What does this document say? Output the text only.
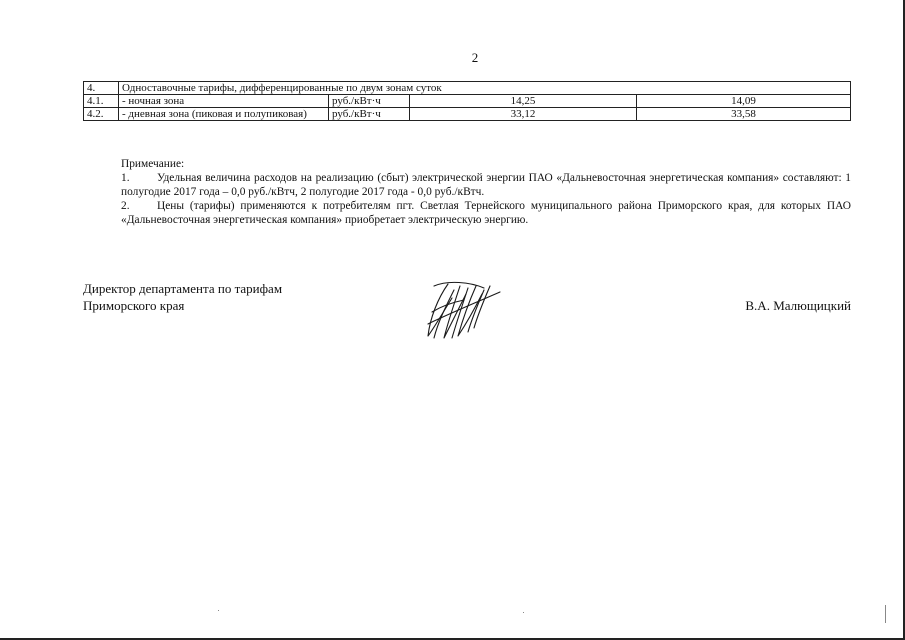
2
4.	Одноставочные тарифы, дифференцированные по двум зонам суток			
4.1.	- ночная зона	руб./кВт·ч	14,25	14,09
4.2.	- дневная зона (пиковая и полупиковая)	руб./кВт·ч	33,12	33,58

Примечание:

1. Удельная величина расходов на реализацию (сбыт) электрической энергии ПАО «Дальневосточная энергетическая компания» составляют: 1 полугодие 2017 года – 0,0 руб./кВтч, 2 полугодие 2017 года - 0,0 руб./кВтч.

2. Цены (тарифы) применяются к потребителям пгт. Светлая Тернейского муниципального района Приморского края, для которых ПАО «Дальневосточная энергетическая компания» приобретает электрическую энергию.

Директор департамента по тарифам
Приморского края	В.А. Малющицкий
